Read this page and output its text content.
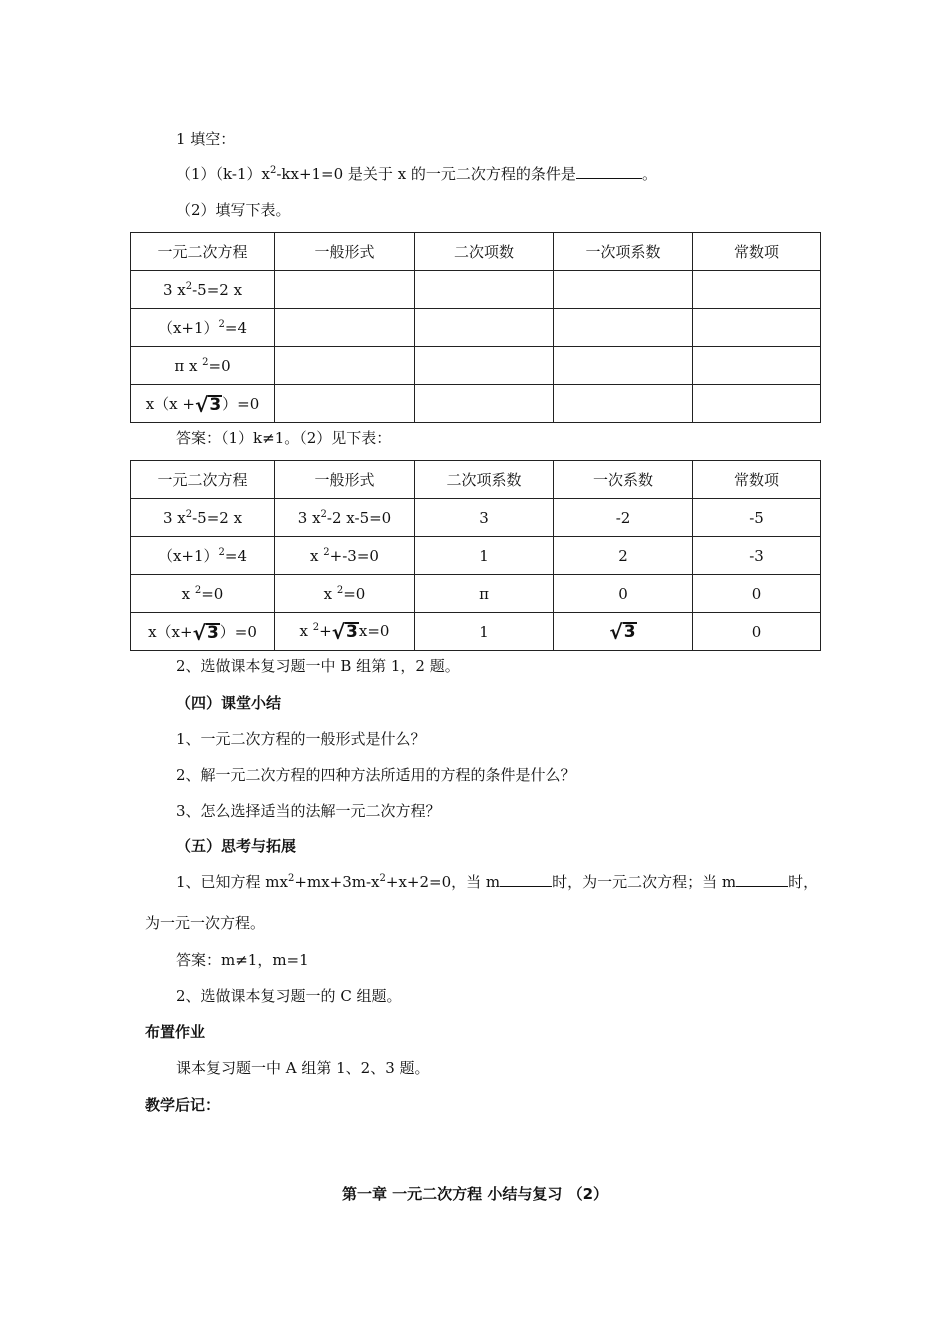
1 填空：
$(1)(k-1)x^2-kx+1=0$ 是关于 x 的一元二次方程的条件是	。
（2）填写下表。
一元二次方程	一般形式	二次项数	一次项系数	常数项
3 $x^2-5=2$ x				
$(x+1)^2=4$				
π x $^2$=0				
x（x + √ 3 ）=0				
答案：（1）k≠1。（2）见下表：
一元二次方程	一般形式	二次项系数	一次系数	常数项
3 $x^2-5=2$ x	3 $x^2-2$ x-5=0	3	-2	-5
$(x+1)^2=4$	x $^2$+-3=0	1	2	-3
x $^2$=0	x $^2$=0	π	0	0
x（x+ √ 3 ）=0	x $^2$+ √ 3 x=0	1	√ 3	0
2、选做课本复习题一中 B 组第 1，2 题。
（四）课堂小结
1、一元二次方程的一般形式是什么？
2、解一元二次方程的四种方法所适用的方程的条件是什么？
3、怎么选择适当的法解一元二次方程？
（五）思考与拓展
1、已知方程 $mx^2+mx+3m-x^2+x+2=0$，当 m	时，为一元二次方程；当 m	时，
为一元一次方程。
答案：m≠1，m=1
2、选做课本复习题一的 C 组题。
布置作业
课本复习题一中 A 组第 1、2、3 题。
教学后记：
第一章 一元二次方程 小结与复习 （2）
